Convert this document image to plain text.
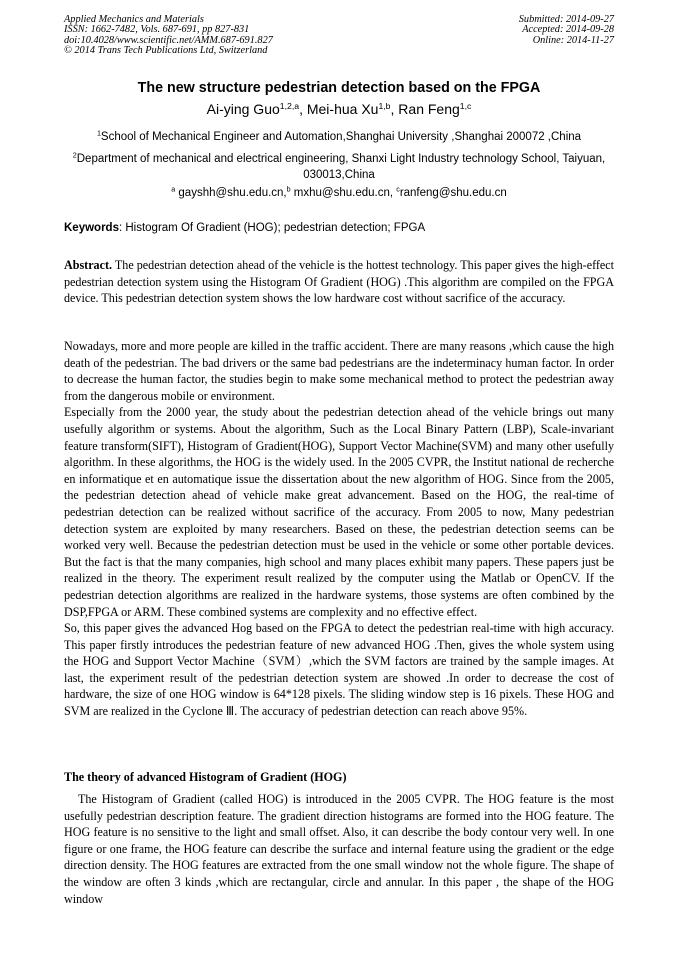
Applied Mechanics and Materials
ISSN: 1662-7482, Vols. 687-691, pp 827-831
doi:10.4028/www.scientific.net/AMM.687-691.827
© 2014 Trans Tech Publications Ltd, Switzerland
Submitted: 2014-09-27
Accepted: 2014-09-28
Online: 2014-11-27
The new structure pedestrian detection based on the FPGA
Ai-ying Guo$^{1,2,a}$, Mei-hua Xu$^{1,b}$, Ran Feng$^{1,c}$
$^1$School of Mechanical Engineer and Automation,Shanghai University ,Shanghai 200072 ,China
$^2$Department of mechanical and electrical engineering, Shanxi Light Industry technology School, Taiyuan, 030013,China
$^a$ gayshh@shu.edu.cn,$^b$ mxhu@shu.edu.cn, $^c$ranfeng@shu.edu.cn
Keywords: Histogram Of Gradient (HOG); pedestrian detection; FPGA
Abstract. The pedestrian detection ahead of the vehicle is the hottest technology. This paper gives the high-effect pedestrian detection system using the Histogram Of Gradient (HOG) .This algorithm are compiled on the FPGA device. This pedestrian detection system shows the low hardware cost without sacrifice of the accuracy.

Nowadays, more and more people are killed in the traffic accident. There are many reasons ,which cause the high death of the pedestrian. The bad drivers or the same bad pedestrians are the indeterminacy human factor. In order to decrease the human factor, the studies begin to make some mechanical method to protect the pedestrian away from the dangerous mobile or environment.

Especially from the 2000 year, the study about the pedestrian detection ahead of the vehicle brings out many usefully algorithm or systems. About the algorithm, Such as the Local Binary Pattern (LBP), Scale-invariant feature transform(SIFT), Histogram of Gradient(HOG), Support Vector Machine(SVM) and many other usefully algorithm. In these algorithms, the HOG is the widely used. In the 2005 CVPR, the Institut national de recherche en informatique et en automatique issue the dissertation about the new algorithm of HOG. Since from the 2005, the pedestrian detection ahead of vehicle make great advancement. Based on the HOG, the real-time of pedestrian detection can be realized without sacrifice of the accuracy. From 2005 to now, Many pedestrian detection system are exploited by many researchers. Based on these, the pedestrian detection seems can be worked very well. Because the pedestrian detection must be used in the vehicle or some other portable devices. But the fact is that the many companies, high school and many places exhibit many papers. These papers just be realized in the theory. The experiment result realized by the computer using the Matlab or OpenCV. If the pedestrian detection algorithms are realized in the hardware systems, those systems are often combined by the DSP,FPGA or ARM. These combined systems are complexity and no effective effect.

So, this paper gives the advanced Hog based on the FPGA to detect the pedestrian real-time with high accuracy. This paper firstly introduces the pedestrian feature of new advanced HOG .Then, gives the whole system using the HOG and Support Vector Machine（SVM）,which the SVM factors are trained by the sample images. At last, the experiment result of the pedestrian detection system are showed .In order to decrease the cost of hardware, the size of one HOG window is 64*128 pixels. The sliding window step is 16 pixels. These HOG and SVM are realized in the Cyclone Ⅲ. The accuracy of pedestrian detection can reach above 95%.

The theory of advanced Histogram of Gradient (HOG)
The Histogram of Gradient (called HOG) is introduced in the 2005 CVPR. The HOG feature is the most usefully pedestrian description feature. The gradient direction histograms are formed into the HOG feature. The HOG feature is no sensitive to the light and small offset. Also, it can describe the body contour very well. In one figure or one frame, the HOG feature can describe the surface and internal feature using the gradient or the edge direction density. The HOG features are extracted from the one small window not the whole figure. The shape of the window are often 3 kinds ,which are rectangular, circle and annular. In this paper , the shape of the HOG window
